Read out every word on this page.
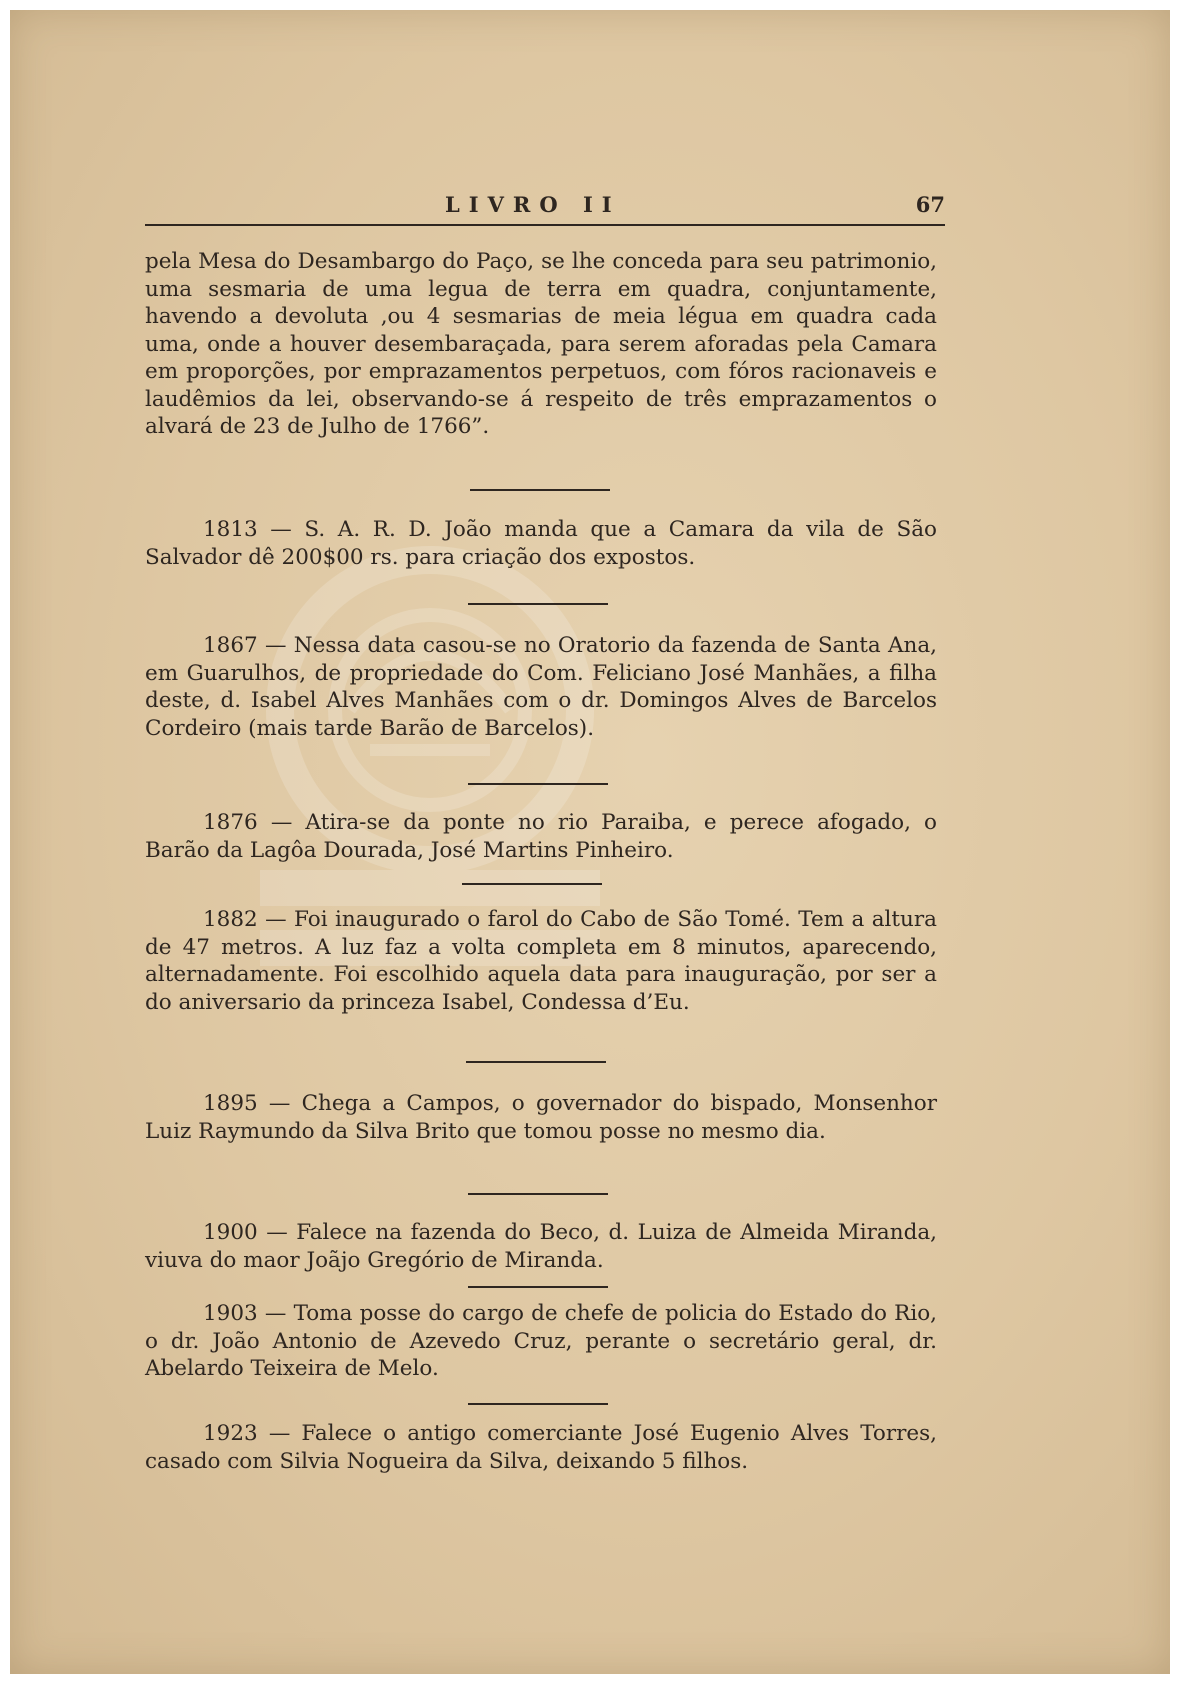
LIVRO II	67

pela Mesa do Desambargo do Paço, se lhe conceda para seu patrimonio, uma sesmaria de uma legua de terra em quadra, conjuntamente, havendo a devoluta ,ou 4 sesmarias de meia légua em quadra cada uma, onde a houver desembaraçada, para serem aforadas pela Camara em proporções, por emprazamentos perpetuos, com fóros racionaveis e laudêmios da lei, observando-se á respeito de três emprazamentos o alvará de 23 de Julho de 1766”.

1813 — S. A. R. D. João manda que a Camara da vila de São Salvador dê 200$00 rs. para criação dos expostos.

1867 — Nessa data casou-se no Oratorio da fazenda de Santa Ana, em Guarulhos, de propriedade do Com. Feliciano José Manhães, a filha deste, d. Isabel Alves Manhães com o dr. Domingos Alves de Barcelos Cordeiro (mais tarde Barão de Barcelos).

1876 — Atira-se da ponte no rio Paraiba, e perece afogado, o Barão da Lagôa Dourada, José Martins Pinheiro.

1882 — Foi inaugurado o farol do Cabo de São Tomé. Tem a altura de 47 metros. A luz faz a volta completa em 8 minutos, aparecendo, alternadamente. Foi escolhido aquela data para inauguração, por ser a do aniversario da princeza Isabel, Condessa d’Eu.

1895 — Chega a Campos, o governador do bispado, Monsenhor Luiz Raymundo da Silva Brito que tomou posse no mesmo dia.

1900 — Falece na fazenda do Beco, d. Luiza de Almeida Miranda, viuva do maor Joãjo Gregório de Miranda.

1903 — Toma posse do cargo de chefe de policia do Estado do Rio, o dr. João Antonio de Azevedo Cruz, perante o secretário geral, dr. Abelardo Teixeira de Melo.

1923 — Falece o antigo comerciante José Eugenio Alves Torres, casado com Silvia Nogueira da Silva, deixando 5 filhos.
